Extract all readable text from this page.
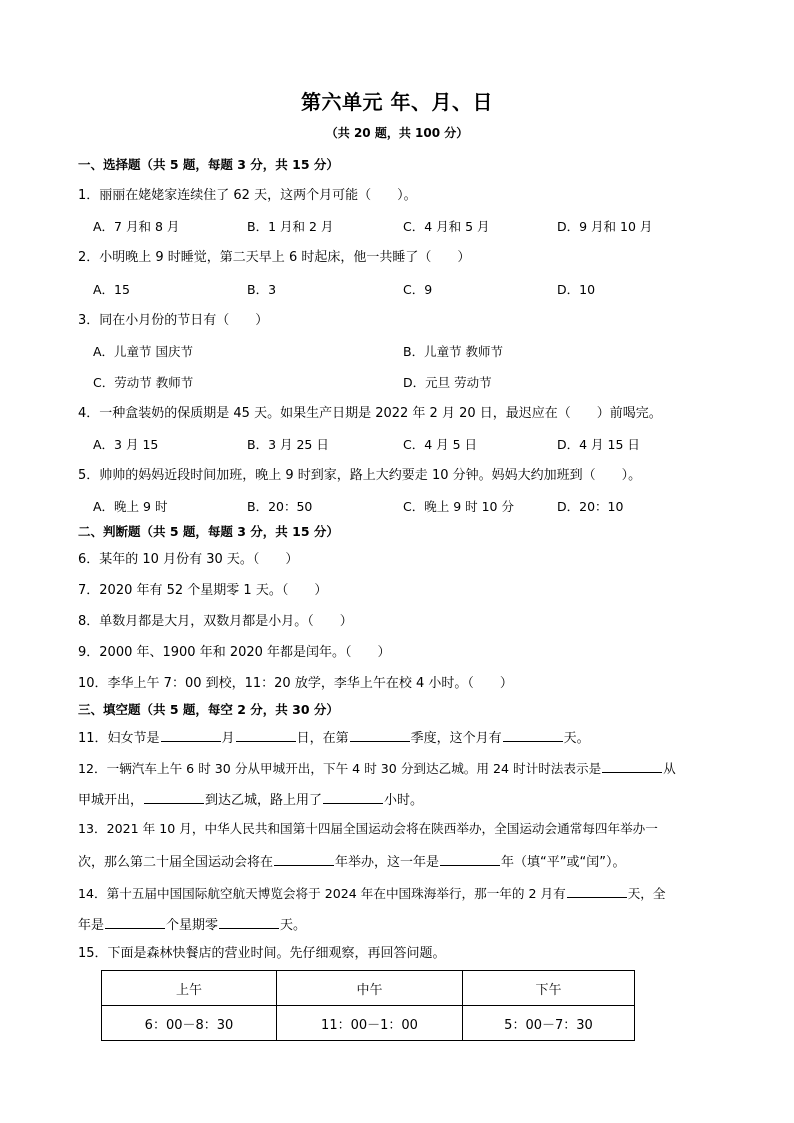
第六单元 年、月、日
（共 20 题，共 100 分）
一、选择题（共 5 题，每题 3 分，共 15 分）
1．丽丽在姥姥家连续住了 62 天，这两个月可能（　　）。
A．7 月和 8 月	B．1 月和 2 月	C．4 月和 5 月	D．9 月和 10 月
2．小明晚上 9 时睡觉，第二天早上 6 时起床，他一共睡了（　　）
A．15	B．3	C．9	D．10
3．同在小月份的节日有（　　）
A．儿童节 国庆节	B．儿童节 教师节
C．劳动节 教师节	D．元旦 劳动节
4．一种盒装奶的保质期是 45 天。如果生产日期是 2022 年 2 月 20 日，最迟应在（　　）前喝完。
A．3 月 15	B．3 月 25 日	C．4 月 5 日	D．4 月 15 日
5．帅帅的妈妈近段时间加班，晚上 9 时到家，路上大约要走 10 分钟。妈妈大约加班到（　　）。
A．晚上 9 时	B．20：50	C．晚上 9 时 10 分	D．20：10
二、判断题（共 5 题，每题 3 分，共 15 分）
6．某年的 10 月份有 30 天。（　　）
7．2020 年有 52 个星期零 1 天。（　　）
8．单数月都是大月，双数月都是小月。（　　）
9．2000 年、1900 年和 2020 年都是闰年。（　　）
10．李华上午 7：00 到校，11：20 放学，李华上午在校 4 小时。（　　）
三、填空题（共 5 题，每空 2 分，共 30 分）
11．妇女节是	月	日，在第	季度，这个月有	天。
12．一辆汽车上午 6 时 30 分从甲城开出，下午 4 时 30 分到达乙城。用 24 时计时法表示是	从
甲城开出，	到达乙城，路上用了	小时。
13．2021 年 10 月，中华人民共和国第十四届全国运动会将在陕西举办，全国运动会通常每四年举办一
次，那么第二十届全国运动会将在	年举办，这一年是	年（填“平”或“闰”）。
14．第十五届中国国际航空航天博览会将于 2024 年在中国珠海举行，那一年的 2 月有	天，全
年是	个星期零	天。
15．下面是森林快餐店的营业时间。先仔细观察，再回答问题。
上午	中午	下午
6：00－8：30	11：00－1：00	5：00－7：30
